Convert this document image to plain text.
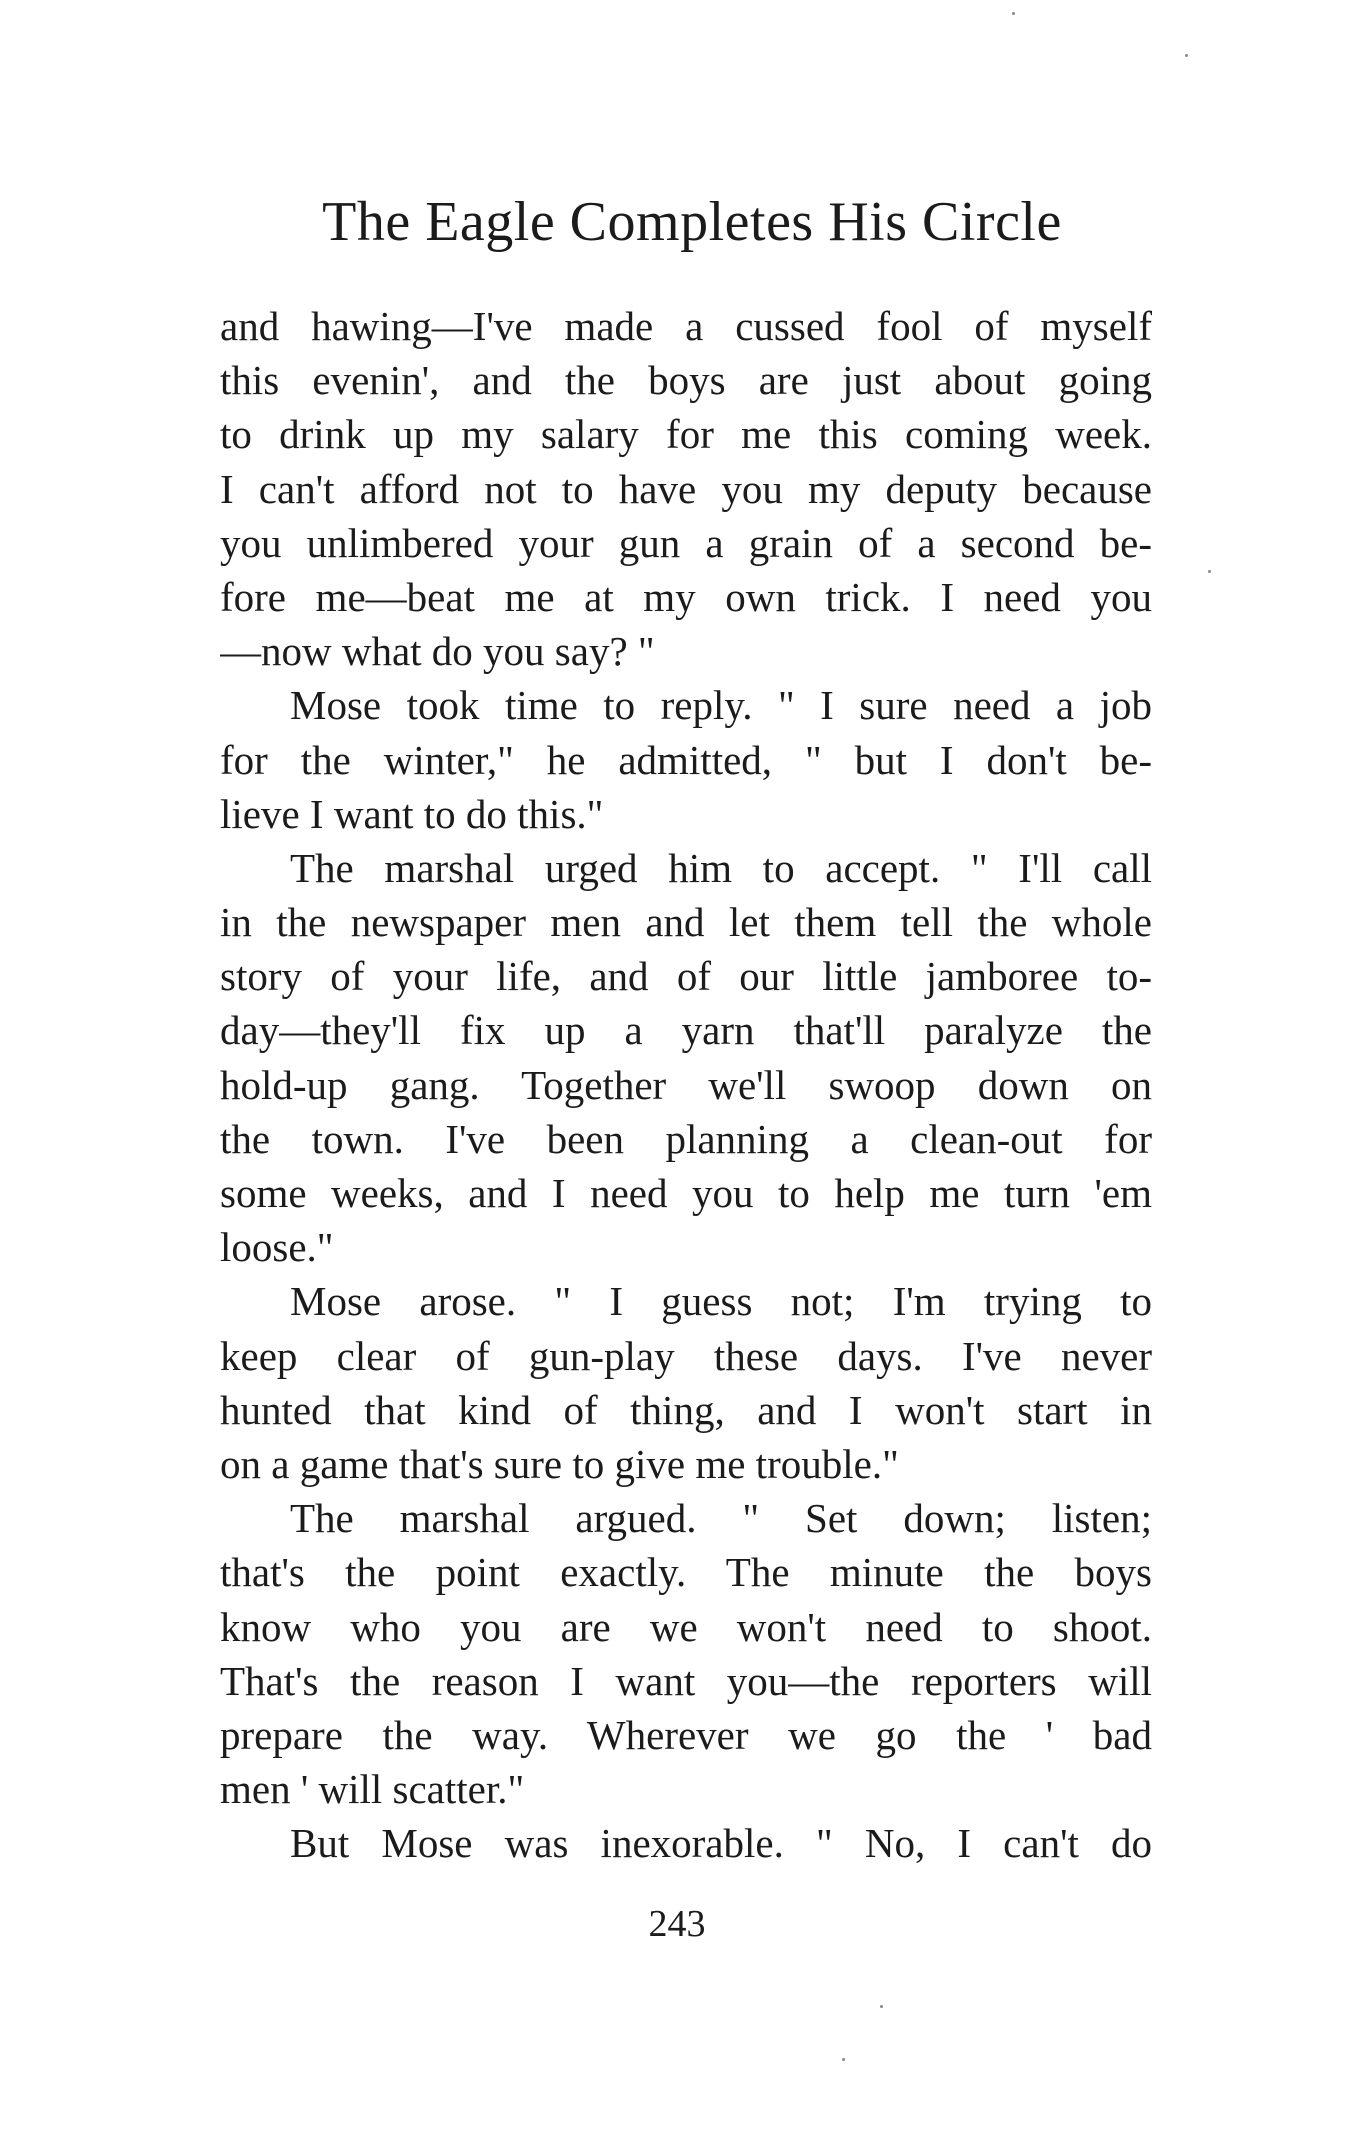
The Eagle Completes His Circle
and hawing—I've made a cussed fool of myself
this evenin', and the boys are just about going
to drink up my salary for me this coming week.
I can't afford not to have you my deputy because
you unlimbered your gun a grain of a second be-
fore me—beat me at my own trick. I need you
—now what do you say? "
Mose took time to reply. " I sure need a job
for the winter," he admitted, " but I don't be-
lieve I want to do this."
The marshal urged him to accept. " I'll call
in the newspaper men and let them tell the whole
story of your life, and of our little jamboree to-
day—they'll fix up a yarn that'll paralyze the
hold-up gang. Together we'll swoop down on
the town. I've been planning a clean-out for
some weeks, and I need you to help me turn 'em
loose."
Mose arose. " I guess not; I'm trying to
keep clear of gun-play these days. I've never
hunted that kind of thing, and I won't start in
on a game that's sure to give me trouble."
The marshal argued. " Set down; listen;
that's the point exactly. The minute the boys
know who you are we won't need to shoot.
That's the reason I want you—the reporters will
prepare the way. Wherever we go the ' bad
men ' will scatter."
But Mose was inexorable. " No, I can't do
243
